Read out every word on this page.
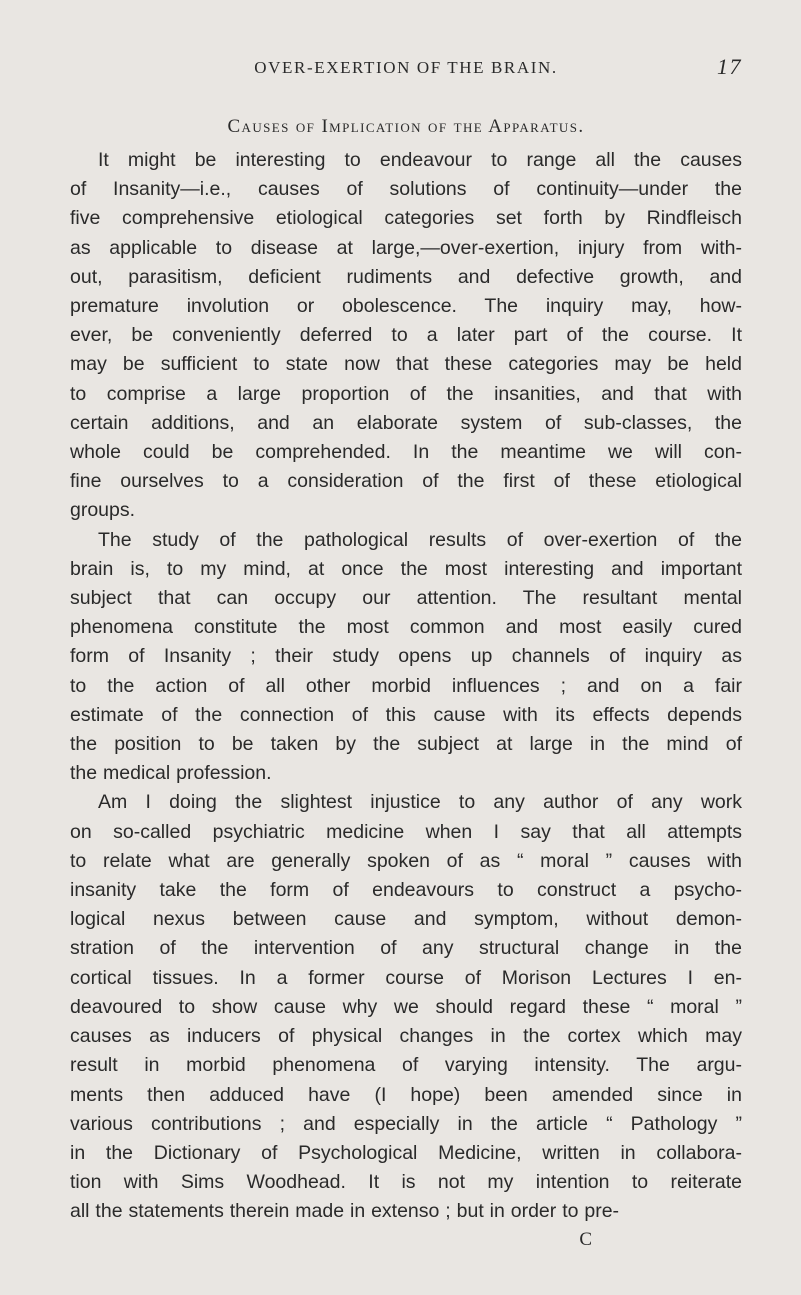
OVER-EXERTION OF THE BRAIN.	17
Causes of Implication of the Apparatus.

It might be interesting to endeavour to range all the causes
of Insanity—i.e., causes of solutions of continuity—under the
five comprehensive etiological categories set forth by Rindfleisch
as applicable to disease at large,—over-exertion, injury from with-
out, parasitism, deficient rudiments and defective growth, and
premature involution or obolescence. The inquiry may, how-
ever, be conveniently deferred to a later part of the course. It
may be sufficient to state now that these categories may be held
to comprise a large proportion of the insanities, and that with
certain additions, and an elaborate system of sub-classes, the
whole could be comprehended. In the meantime we will con-
fine ourselves to a consideration of the first of these etiological
groups.

The study of the pathological results of over-exertion of the
brain is, to my mind, at once the most interesting and important
subject that can occupy our attention. The resultant mental
phenomena constitute the most common and most easily cured
form of Insanity ; their study opens up channels of inquiry as
to the action of all other morbid influences ; and on a fair
estimate of the connection of this cause with its effects depends
the position to be taken by the subject at large in the mind of
the medical profession.

Am I doing the slightest injustice to any author of any work
on so-called psychiatric medicine when I say that all attempts
to relate what are generally spoken of as “ moral ” causes with
insanity take the form of endeavours to construct a psycho-
logical nexus between cause and symptom, without demon-
stration of the intervention of any structural change in the
cortical tissues. In a former course of Morison Lectures I en-
deavoured to show cause why we should regard these “ moral ”
causes as inducers of physical changes in the cortex which may
result in morbid phenomena of varying intensity. The argu-
ments then adduced have (I hope) been amended since in
various contributions ; and especially in the article “ Pathology ”
in the Dictionary of Psychological Medicine, written in collabora-
tion with Sims Woodhead. It is not my intention to reiterate
all the statements therein made in extenso ; but in order to pre-

C
